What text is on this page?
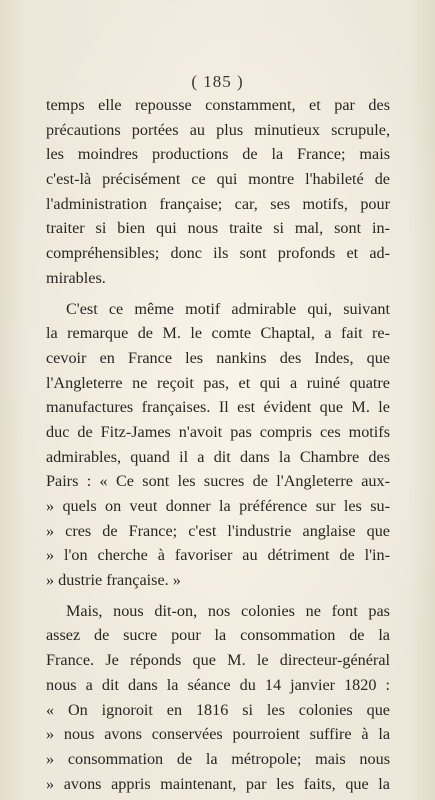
( 185 )
temps elle repousse constamment, et par des
précautions portées au plus minutieux scrupule,
les moindres productions de la France; mais
c'est-là précisément ce qui montre l'habileté de
l'administration française; car, ses motifs, pour
traiter si bien qui nous traite si mal, sont in-
compréhensibles; donc ils sont profonds et ad-
mirables.
C'est ce même motif admirable qui, suivant
la remarque de M. le comte Chaptal, a fait re-
cevoir en France les nankins des Indes, que
l'Angleterre ne reçoit pas, et qui a ruiné quatre
manufactures françaises. Il est évident que M. le
duc de Fitz-James n'avoit pas compris ces motifs
admirables, quand il a dit dans la Chambre des
Pairs : « Ce sont les sucres de l'Angleterre aux-
» quels on veut donner la préférence sur les su-
» cres de France; c'est l'industrie anglaise que
» l'on cherche à favoriser au détriment de l'in-
» dustrie française. »
Mais, nous dit-on, nos colonies ne font pas
assez de sucre pour la consommation de la
France. Je réponds que M. le directeur-général
nous a dit dans la séance du 14 janvier 1820 :
« On ignoroit en 1816 si les colonies que
» nous avons conservées pourroient suffire à la
» consommation de la métropole; mais nous
» avons appris maintenant, par les faits, que la
